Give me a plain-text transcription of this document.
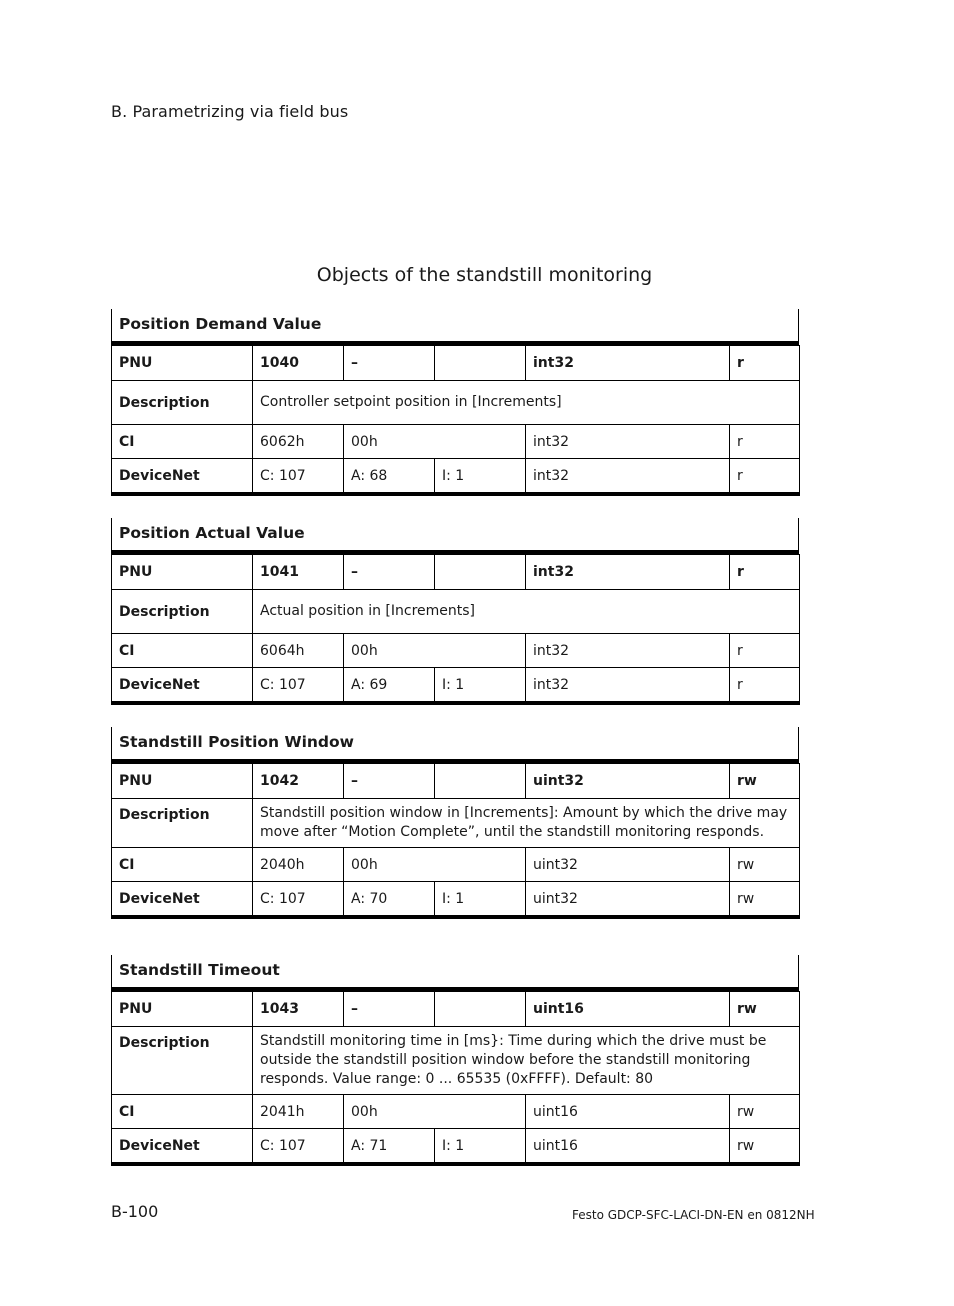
B. Parametrizing via field bus
Objects of the standstill monitoring
Position Demand Value
PNU	1040	–		int32	r
Description	Controller setpoint position in [Increments]				
CI	6062h	00h		int32	r
DeviceNet	C: 107	A: 68	I: 1	int32	r
Position Actual Value
PNU	1041	–		int32	r
Description	Actual position in [Increments]				
CI	6064h	00h		int32	r
DeviceNet	C: 107	A: 69	I: 1	int32	r
Standstill Position Window
PNU	1042	–		uint32	rw
Description	Standstill position window in [Increments]: Amount by which the drive may move after “Motion Complete”, until the standstill monitoring responds.				
CI	2040h	00h		uint32	rw
DeviceNet	C: 107	A: 70	I: 1	uint32	rw
Standstill Timeout
PNU	1043	–		uint16	rw
Description	Standstill monitoring time in [ms}: Time during which the drive must be outside the standstill position window before the standstill monitoring responds. Value range: 0 ... 65535 (0xFFFF). Default: 80				
CI	2041h	00h		uint16	rw
DeviceNet	C: 107	A: 71	I: 1	uint16	rw
B-100	Festo GDCP-SFC-LACI-DN-EN en 0812NH
